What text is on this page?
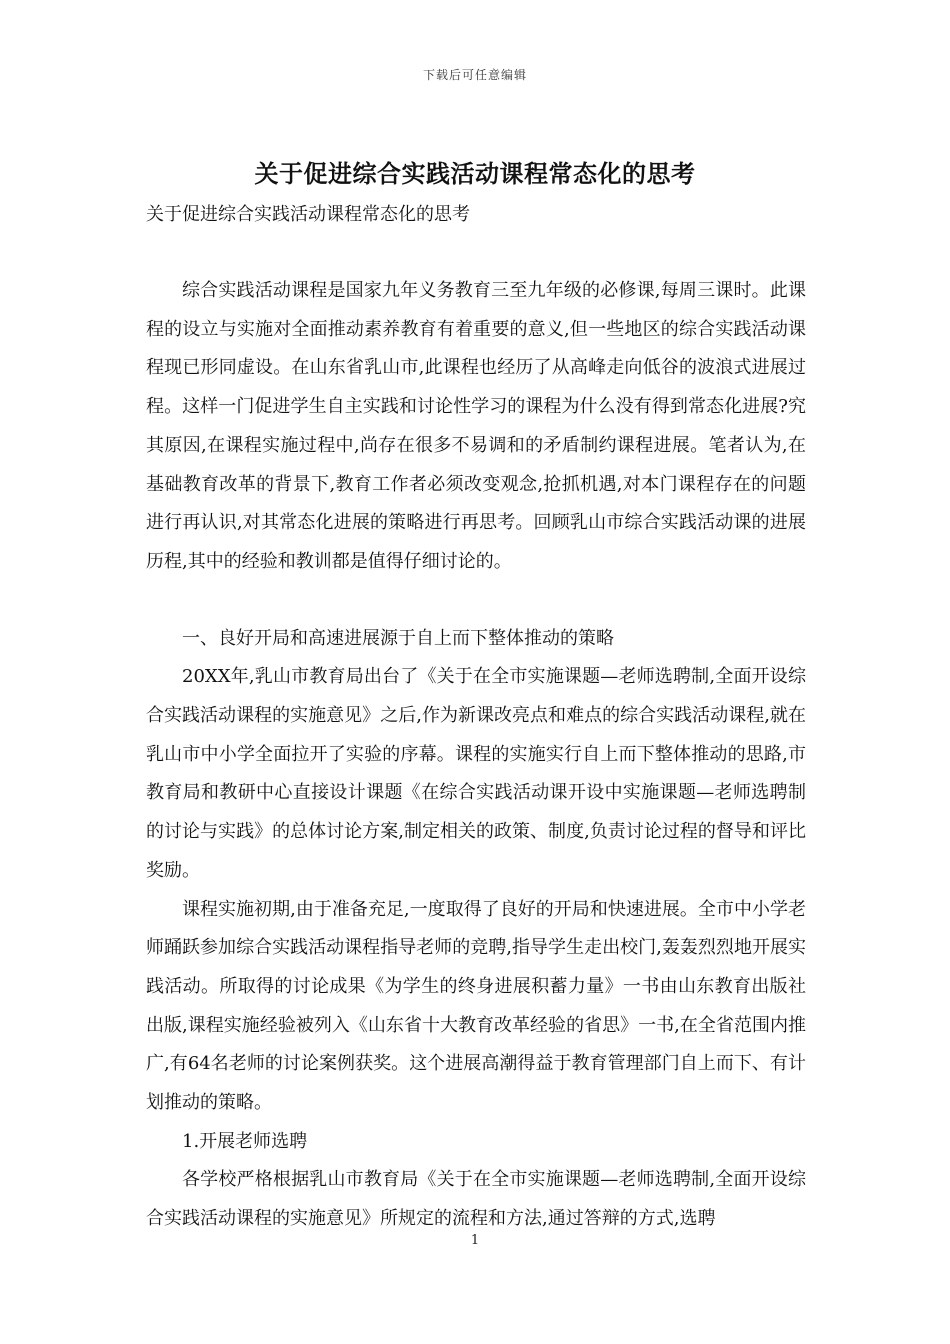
下载后可任意编辑
关于促进综合实践活动课程常态化的思考
关于促进综合实践活动课程常态化的思考

综合实践活动课程是国家九年义务教育三至九年级的必修课,每周三课时。此课程的设立与实施对全面推动素养教育有着重要的意义,但一些地区的综合实践活动课程现已形同虚设。在山东省乳山市,此课程也经历了从高峰走向低谷的波浪式进展过程。这样一门促进学生自主实践和讨论性学习的课程为什么没有得到常态化进展?究其原因,在课程实施过程中,尚存在很多不易调和的矛盾制约课程进展。笔者认为,在基础教育改革的背景下,教育工作者必须改变观念,抢抓机遇,对本门课程存在的问题进行再认识,对其常态化进展的策略进行再思考。回顾乳山市综合实践活动课的进展历程,其中的经验和教训都是值得仔细讨论的。

一、良好开局和高速进展源于自上而下整体推动的策略

20XX年,乳山市教育局出台了《关于在全市实施课题—老师选聘制,全面开设综合实践活动课程的实施意见》之后,作为新课改亮点和难点的综合实践活动课程,就在乳山市中小学全面拉开了实验的序幕。课程的实施实行自上而下整体推动的思路,市教育局和教研中心直接设计课题《在综合实践活动课开设中实施课题—老师选聘制的讨论与实践》的总体讨论方案,制定相关的政策、制度,负责讨论过程的督导和评比奖励。

课程实施初期,由于准备充足,一度取得了良好的开局和快速进展。全市中小学老师踊跃参加综合实践活动课程指导老师的竞聘,指导学生走出校门,轰轰烈烈地开展实践活动。所取得的讨论成果《为学生的终身进展积蓄力量》一书由山东教育出版社出版,课程实施经验被列入《山东省十大教育改革经验的省思》一书,在全省范围内推广,有64名老师的讨论案例获奖。这个进展高潮得益于教育管理部门自上而下、有计划推动的策略。

1.开展老师选聘

各学校严格根据乳山市教育局《关于在全市实施课题—老师选聘制,全面开设综合实践活动课程的实施意见》所规定的流程和方法,通过答辩的方式,选聘

1
